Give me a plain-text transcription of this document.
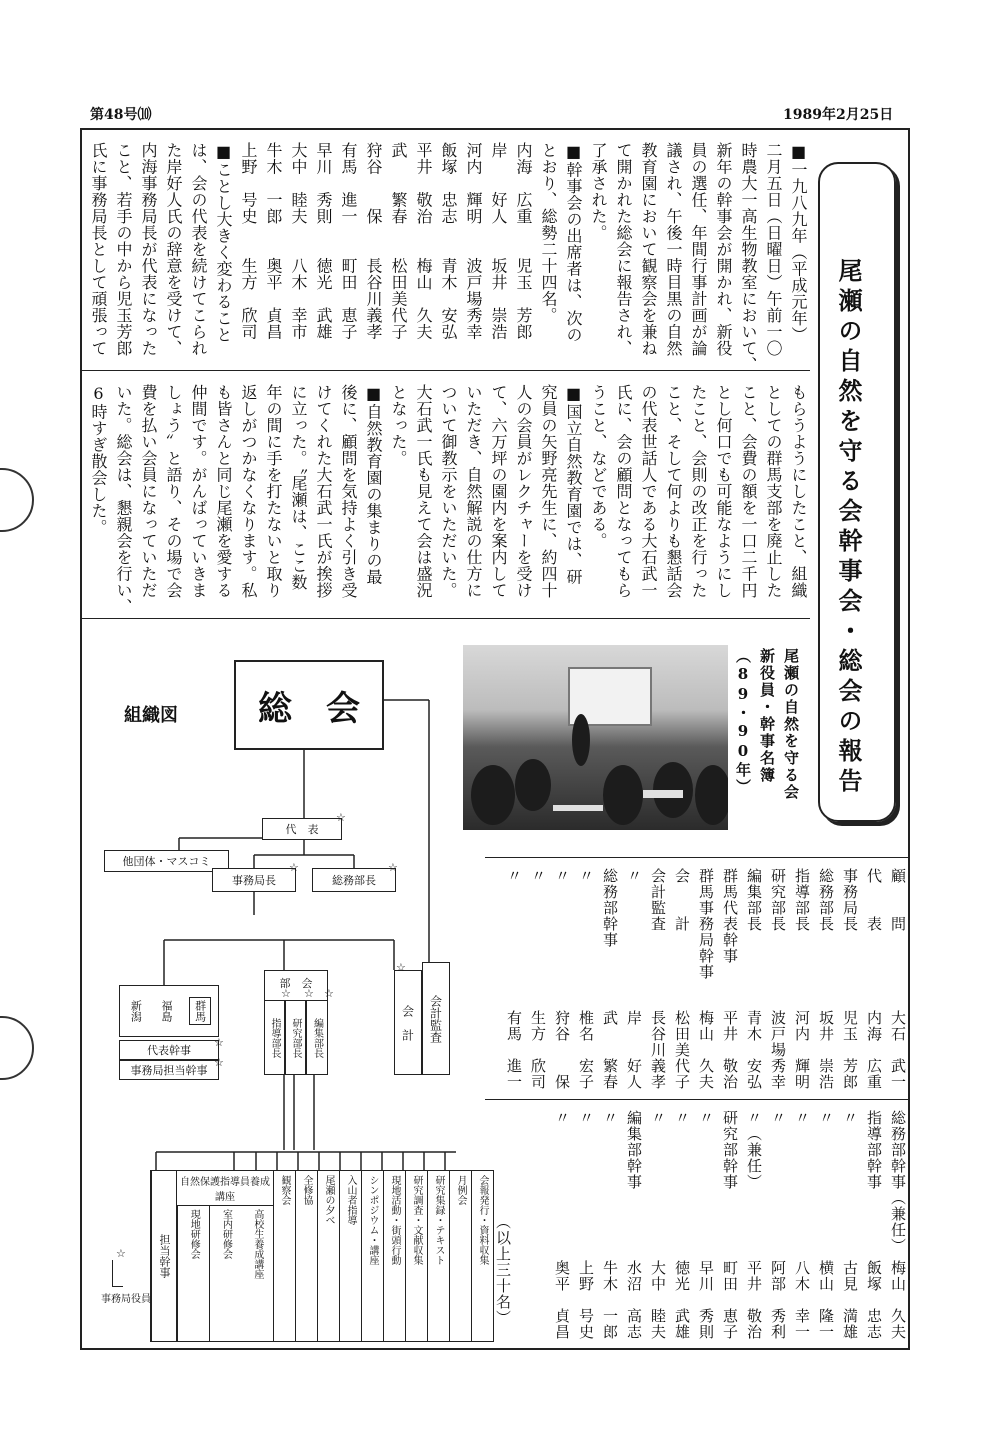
第48号⑽	1989年2月25日
尾瀬の自然を守る会幹事会・総会の報告
■一九八九年（平成元年）
二月五日（日曜日）午前一〇
時農大一高生物教室において、
新年の幹事会が開かれ、新役
員の選任、年間行事計画が論
議され、午後一時目黒の自然
教育園において観察会を兼ね
て開かれた総会に報告され、
了承された。
■幹事会の出席者は、次の
とおり、総勢二十四名。
内海　広重　　児玉　芳郎
岸　　好人　　坂井　崇浩
河内　輝明　　波戸場秀幸
飯塚　忠志　　青木　安弘
平井　敬治　　梅山　久夫
武　　繁春　　松田美代子
狩谷　　保　　長谷川義孝
有馬　進一　　町田　恵子
早川　秀則　　徳光　武雄
大中　睦夫　　八木　幸市
牛木　一郎　　奥平　貞昌
上野　号史　　生方　欣司
■ことし大きく変わること
は、会の代表を続けてこられ
た岸好人氏の辞意を受けて、
内海事務局長が代表になった
こと、若手の中から児玉芳郎
氏に事務局長として頑張って
もらうようにしたこと、組織
としての群馬支部を廃止した
こと、会費の額を一口二千円
とし何口でも可能なようにし
たこと、会則の改正を行った
こと、そして何よりも懇話会
の代表世話人である大石武一
氏に、会の顧問となってもら
うこと、などである。
■国立自然教育園では、研
究員の矢野亮先生に、約四十
人の会員がレクチャーを受け
て、六万坪の園内を案内して
いただき、自然解説の仕方に
ついて御教示をいただいた。
大石武一氏も見えて会は盛況
となった。
■自然教育園の集まりの最
後に、顧問を気持よく引き受
けてくれた大石武一氏が挨拶
に立った。〝尾瀬は、ここ数
年の間に手を打たないと取り
返しがつかなくなります。私
も皆さんと同じ尾瀬を愛する
仲間です。がんばっていきま
しょう〟と語り、その場で会
費を払い会員になっていただ
いた。総会は、懇親会を行い、
6時すぎ散会した。
尾瀬の自然を守る会
新役員・幹事名簿
（89・90年）
顧　　問
大石　武一
代　　表
内海　広重
事務局長
児玉　芳郎
総務部長
坂井　崇浩
指導部長
河内　輝明
研究部長
波戸場秀幸
編集部長
青木　安弘
群馬代表幹事
平井　敬治
群馬事務局幹事
梅山　久夫
会　　計
松田美代子
会計監査
長谷川義孝
〃
岸　　好人
総務部幹事
武　　繁春
〃
椎名　宏子
〃
狩谷　　保
〃
生方　欣司
〃
有馬　進一
総務部幹事（兼任）
梅山　久夫
指導部幹事
飯塚　忠志
〃
古見　満雄
〃
横山　隆一
〃
八木　幸一
〃
阿部　秀利
〃（兼任）
平井　敬治
研究部幹事
町田　恵子
〃
早川　秀則
〃
徳光　武雄
〃
大中　睦夫
編集部幹事
水沼　高志
〃
牛木　一郎
〃
上野　号史
〃
奥平　貞昌
（以上三十名）
組織図	総　会
代　表
☆
他団体・マスコミ
事務局長
☆
総務部長
☆
部　会
☆ ☆ ☆
指導部長	研究部長	編集部長	会　計
☆
会計監査
新潟 福島	群馬
代表幹事
☆
事務局担当幹事
☆
会報発行・資料収集
月例会
研究集録・テキスト
研究調査・文献収集
現地活動・街頭行動
シンポジウム・講座
入山者指導
尾瀬の夕べ
全修協
観察会
自然保護指導員養成講座
高校生養成講座
室内研修会
現地研修会
担当幹事
☆
事務局役員
